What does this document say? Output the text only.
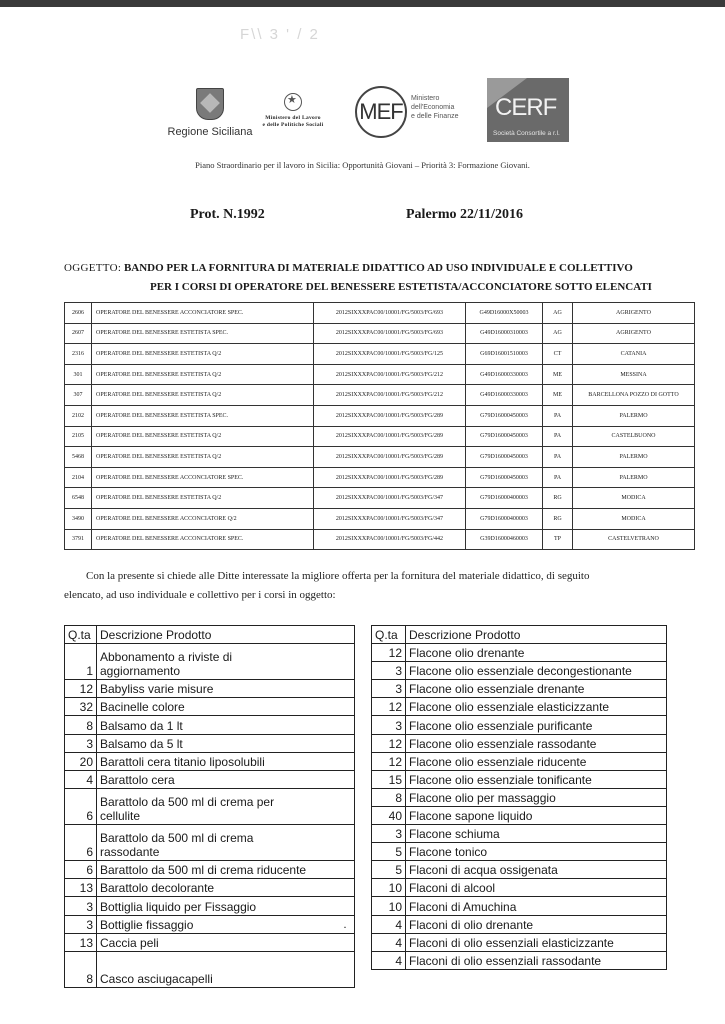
F\\ 3 ' / 2
Regione Siciliana
★
Ministero del Lavoro
e delle Politiche Sociali
MEF
Ministero
dell'Economia
e delle Finanze CERF
Società Consortile a r.l.
Piano Straordinario per il lavoro in Sicilia: Opportunità Giovani – Priorità 3: Formazione Giovani.
Prot. N.1992	Palermo 22/11/2016
OGGETTO: BANDO PER LA FORNITURA DI MATERIALE DIDATTICO AD USO INDIVIDUALE E COLLETTIVO
PER I CORSI DI OPERATORE DEL BENESSERE ESTETISTA/ACCONCIATORE SOTTO ELENCATI
2606	OPERATORE DEL BENESSERE ACCONCIATORE SPEC.	2012SIXXXPAC00/10001/FG/5003/FG/693	G49D16000X50003	AG	AGRIGENTO
2607	OPERATORE DEL BENESSERE ESTETISTA SPEC.	2012SIXXXPAC00/10001/FG/5003/FG/693	G49D16000310003	AG	AGRIGENTO
2316	OPERATORE DEL BENESSERE ESTETISTA Q/2	2012SIXXXPAC00/10001/FG/5003/FG/125	G69D16001510003	CT	CATANIA
301	OPERATORE DEL BENESSERE ESTETISTA Q/2	2012SIXXXPAC00/10001/FG/5003/FG/212	G49D16000330003	ME	MESSINA
307	OPERATORE DEL BENESSERE ESTETISTA Q/2	2012SIXXXPAC00/10001/FG/5003/FG/212	G49D16000330003	ME	BARCELLONA POZZO DI GOTTO
2102	OPERATORE DEL BENESSERE ESTETISTA SPEC.	2012SIXXXPAC00/10001/FG/5003/FG/289	G79D16000450003	PA	PALERMO
2105	OPERATORE DEL BENESSERE ESTETISTA Q/2	2012SIXXXPAC00/10001/FG/5003/FG/289	G79D16000450003	PA	CASTELBUONO
5468	OPERATORE DEL BENESSERE ESTETISTA Q/2	2012SIXXXPAC00/10001/FG/5003/FG/289	G79D16000450003	PA	PALERMO
2104	OPERATORE DEL BENESSERE ACCONCIATORE SPEC.	2012SIXXXPAC00/10001/FG/5003/FG/289	G79D16000450003	PA	PALERMO
6548	OPERATORE DEL BENESSERE ESTETISTA Q/2	2012SIXXXPAC00/10001/FG/5003/FG/347	G79D16000400003	RG	MODICA
3490	OPERATORE DEL BENESSERE ACCONCIATORE Q/2	2012SIXXXPAC00/10001/FG/5003/FG/347	G79D16000400003	RG	MODICA
3791	OPERATORE DEL BENESSERE ACCONCIATORE SPEC.	2012SIXXXPAC00/10001/FG/5003/FG/442	G39D16000460003	TP	CASTELVETRANO
Con la presente si chiede alle Ditte interessate la migliore offerta per la fornitura del materiale didattico, di seguito
elencato, ad uso individuale e collettivo per i corsi in oggetto:
Q.ta	Descrizione Prodotto
1	Abbonamento a riviste di
aggiornamento

12	Babyliss varie misure

32	Bacinelle colore

8	Balsamo da 1 lt

3	Balsamo da 5 lt

20	Barattoli cera titanio liposolubili

4	Barattolo cera

6	Barattolo da 500 ml di crema per
cellulite

6	Barattolo da 500 ml di crema
rassodante

6	Barattolo da 500 ml di crema riducente

13	Barattolo decolorante

3	Bottiglia liquido per Fissaggio

3	Bottiglie fissaggio

13	Caccia peli

8	Casco asciugacapelli
Q.ta	Descrizione Prodotto
12	Flacone olio drenante

3	Flacone olio essenziale decongestionante

3	Flacone olio essenziale drenante

12	Flacone olio essenziale elasticizzante

3	Flacone olio essenziale purificante

12	Flacone olio essenziale rassodante

12	Flacone olio essenziale riducente

15	Flacone olio essenziale tonificante

8	Flacone olio per massaggio

40	Flacone sapone liquido

3	Flacone schiuma

5	Flacone tonico

5	Flaconi di acqua ossigenata

10	Flaconi di alcool

10	Flaconi di Amuchina

4	Flaconi di olio drenante

4	Flaconi di olio essenziali elasticizzante

4	Flaconi di olio essenziali rassodante
·
